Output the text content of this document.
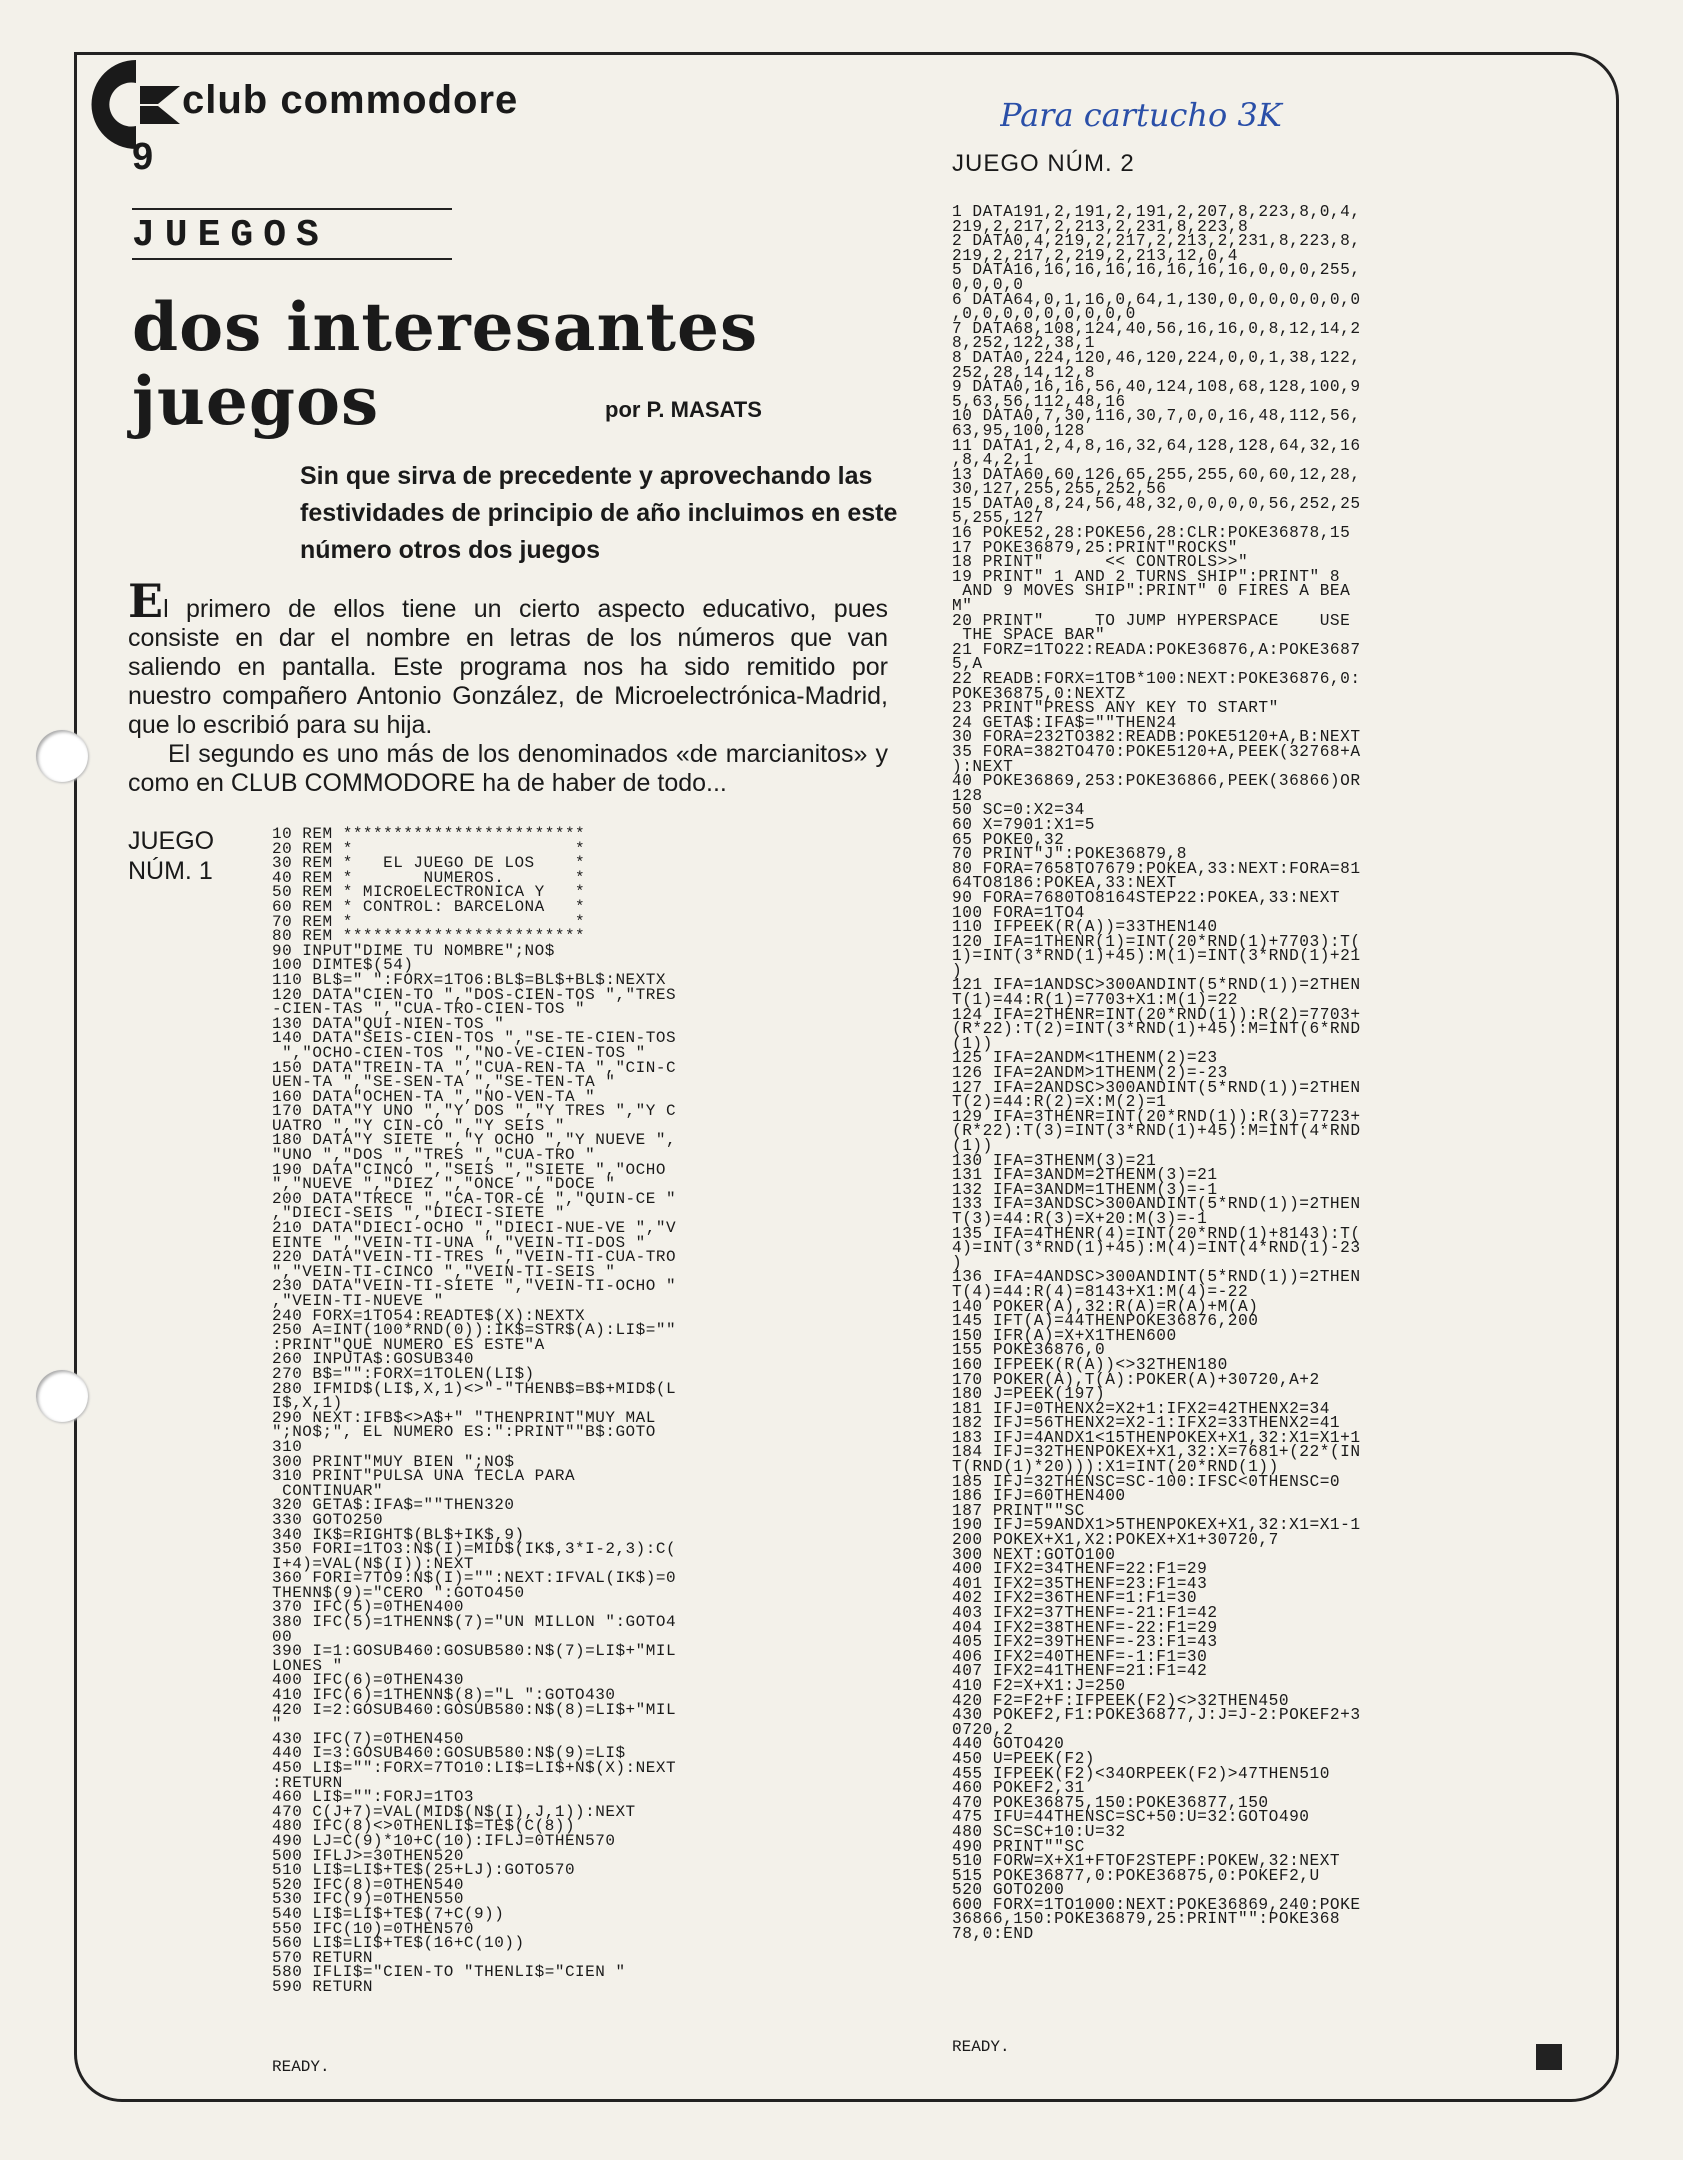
club commodore
9
JUEGOS
dos interesantes
juegos	por P. MASATS
Sin que sirva de precedente y aprovechando las festividades de principio de año incluimos en este número otros dos juegos

El primero de ellos tiene un cierto aspecto educativo, pues consiste en dar el nombre en letras de los números que van saliendo en pantalla. Este programa nos ha sido remitido por nuestro compañero Antonio González, de Microelectrónica-Madrid, que lo escribió para su hija.

El segundo es uno más de los denominados «de marcianitos» y como en CLUB COMMODORE ha de haber de todo...

JUEGO NÚM. 1
10 REM ************************
20 REM *                      *
30 REM *   EL JUEGO DE LOS    *
40 REM *       NUMEROS.       *
50 REM * MICROELECTRONICA Y   *
60 REM * CONTROL: BARCELONA   *
70 REM *                      *
80 REM ************************
90 INPUT"DIME TU NOMBRE";NO$
100 DIMTE$(54)
110 BL$=" ":FORX=1TO6:BL$=BL$+BL$:NEXTX
120 DATA"CIEN-TO ","DOS-CIEN-TOS ","TRES
-CIEN-TAS ","CUA-TRO-CIEN-TOS "
130 DATA"QUI-NIEN-TOS "
140 DATA"SEIS-CIEN-TOS ","SE-TE-CIEN-TOS
","OCHO-CIEN-TOS ","NO-VE-CIEN-TOS "
150 DATA"TREIN-TA ","CUA-REN-TA ","CIN-C
UEN-TA ","SE-SEN-TA ","SE-TEN-TA "
160 DATA"OCHEN-TA ","NO-VEN-TA "
170 DATA"Y UNO ","Y DOS ","Y TRES ","Y C
UATRO ","Y CIN-CO ","Y SEIS "
180 DATA"Y SIETE ","Y OCHO ","Y NUEVE ",
"UNO ","DOS ","TRES ","CUA-TRO "
190 DATA"CINCO ","SEIS ","SIETE ","OCHO
","NUEVE ","DIEZ ","ONCE ","DOCE "
200 DATA"TRECE ","CA-TOR-CE ","QUIN-CE "
,"DIECI-SEIS ","DIECI-SIETE "
210 DATA"DIECI-OCHO ","DIECI-NUE-VE ","V
EINTE ","VEIN-TI-UNA ","VEIN-TI-DOS "
220 DATA"VEIN-TI-TRES ","VEIN-TI-CUA-TRO
","VEIN-TI-CINCO ","VEIN-TI-SEIS "
230 DATA"VEIN-TI-SIETE ","VEIN-TI-OCHO "
,"VEIN-TI-NUEVE "
240 FORX=1TO54:READTE$(X):NEXTX
250 A=INT(100*RND(0)):IK$=STR$(A):LI$=""
:PRINT"QUE NUMERO ES ESTE"A
260 INPUTA$:GOSUB340
270 B$="":FORX=1TOLEN(LI$)
280 IFMID$(LI$,X,1)<>"-"THENB$=B$+MID$(L
I$,X,1)
290 NEXT:IFB$<>A$+" "THENPRINT"MUY MAL
";NO$;", EL NUMERO ES:":PRINT""B$:GOTO
310
300 PRINT"MUY BIEN ";NO$
310 PRINT"PULSA UNA TECLA PARA
CONTINUAR"
320 GETA$:IFA$=""THEN320
330 GOTO250
340 IK$=RIGHT$(BL$+IK$,9)
350 FORI=1TO3:N$(I)=MID$(IK$,3*I-2,3):C(
I+4)=VAL(N$(I)):NEXT
360 FORI=7TO9:N$(I)="":NEXT:IFVAL(IK$)=0
THENN$(9)="CERO ":GOTO450
370 IFC(5)=0THEN400
380 IFC(5)=1THENN$(7)="UN MILLON ":GOTO4
00
390 I=1:GOSUB460:GOSUB580:N$(7)=LI$+"MIL
LONES "
400 IFC(6)=0THEN430
410 IFC(6)=1THENN$(8)="L ":GOTO430
420 I=2:GOSUB460:GOSUB580:N$(8)=LI$+"MIL
"
430 IFC(7)=0THEN450
440 I=3:GOSUB460:GOSUB580:N$(9)=LI$
450 LI$="":FORX=7TO10:LI$=LI$+N$(X):NEXT
:RETURN
460 LI$="":FORJ=1TO3
470 C(J+7)=VAL(MID$(N$(I),J,1)):NEXT
480 IFC(8)<>0THENLI$=TE$(C(8))
490 LJ=C(9)*10+C(10):IFLJ=0THEN570
500 IFLJ>=30THEN520
510 LI$=LI$+TE$(25+LJ):GOTO570
520 IFC(8)=0THEN540
530 IFC(9)=0THEN550
540 LI$=LI$+TE$(7+C(9))
550 IFC(10)=0THEN570
560 LI$=LI$+TE$(16+C(10))
570 RETURN
580 IFLI$="CIEN-TO "THENLI$="CIEN "
590 RETURN
READY.
Para cartucho 3K
JUEGO NÚM. 2
1 DATA191,2,191,2,191,2,207,8,223,8,0,4,
219,2,217,2,213,2,231,8,223,8
2 DATA0,4,219,2,217,2,213,2,231,8,223,8,
219,2,217,2,219,2,213,12,0,4
5 DATA16,16,16,16,16,16,16,16,0,0,0,255,
0,0,0,0
6 DATA64,0,1,16,0,64,1,130,0,0,0,0,0,0,0
,0,0,0,0,0,0,0,0,0
7 DATA68,108,124,40,56,16,16,0,8,12,14,2
8,252,122,38,1
8 DATA0,224,120,46,120,224,0,0,1,38,122,
252,28,14,12,8
9 DATA0,16,16,56,40,124,108,68,128,100,9
5,63,56,112,48,16
10 DATA0,7,30,116,30,7,0,0,16,48,112,56,
63,95,100,128
11 DATA1,2,4,8,16,32,64,128,128,64,32,16
,8,4,2,1
13 DATA60,60,126,65,255,255,60,60,12,28,
30,127,255,255,252,56
15 DATA0,8,24,56,48,32,0,0,0,0,56,252,25
5,255,127
16 POKE52,28:POKE56,28:CLR:POKE36878,15
17 POKE36879,25:PRINT"ROCKS"
18 PRINT"      << CONTROLS>>"
19 PRINT" 1 AND 2 TURNS SHIP":PRINT" 8
AND 9 MOVES SHIP":PRINT" 0 FIRES A BEA
M"
20 PRINT"     TO JUMP HYPERSPACE    USE
THE SPACE BAR"
21 FORZ=1TO22:READA:POKE36876,A:POKE3687
5,A
22 READB:FORX=1TOB*100:NEXT:POKE36876,0:
POKE36875,0:NEXTZ
23 PRINT"PRESS ANY KEY TO START"
24 GETA$:IFA$=""THEN24
30 FORA=232TO382:READB:POKE5120+A,B:NEXT
35 FORA=382TO470:POKE5120+A,PEEK(32768+A
):NEXT
40 POKE36869,253:POKE36866,PEEK(36866)OR
128
50 SC=0:X2=34
60 X=7901:X1=5
65 POKE0,32
70 PRINT"J":POKE36879,8
80 FORA=7658TO7679:POKEA,33:NEXT:FORA=81
64TO8186:POKEA,33:NEXT
90 FORA=7680TO8164STEP22:POKEA,33:NEXT
100 FORA=1TO4
110 IFPEEK(R(A))=33THEN140
120 IFA=1THENR(1)=INT(20*RND(1)+7703):T(
1)=INT(3*RND(1)+45):M(1)=INT(3*RND(1)+21
)
121 IFA=1ANDSC>300ANDINT(5*RND(1))=2THEN
T(1)=44:R(1)=7703+X1:M(1)=22
124 IFA=2THENR=INT(20*RND(1)):R(2)=7703+
(R*22):T(2)=INT(3*RND(1)+45):M=INT(6*RND
(1))
125 IFA=2ANDM<1THENM(2)=23
126 IFA=2ANDM>1THENM(2)=-23
127 IFA=2ANDSC>300ANDINT(5*RND(1))=2THEN
T(2)=44:R(2)=X:M(2)=1
129 IFA=3THENR=INT(20*RND(1)):R(3)=7723+
(R*22):T(3)=INT(3*RND(1)+45):M=INT(4*RND
(1))
130 IFA=3THENM(3)=21
131 IFA=3ANDM=2THENM(3)=21
132 IFA=3ANDM=1THENM(3)=-1
133 IFA=3ANDSC>300ANDINT(5*RND(1))=2THEN
T(3)=44:R(3)=X+20:M(3)=-1
135 IFA=4THENR(4)=INT(20*RND(1)+8143):T(
4)=INT(3*RND(1)+45):M(4)=INT(4*RND(1)-23
)
136 IFA=4ANDSC>300ANDINT(5*RND(1))=2THEN
T(4)=44:R(4)=8143+X1:M(4)=-22
140 POKER(A),32:R(A)=R(A)+M(A)
145 IFT(A)=44THENPOKE36876,200
150 IFR(A)=X+X1THEN600
155 POKE36876,0
160 IFPEEK(R(A))<>32THEN180
170 POKER(A),T(A):POKER(A)+30720,A+2
180 J=PEEK(197)
181 IFJ=0THENX2=X2+1:IFX2=42THENX2=34
182 IFJ=56THENX2=X2-1:IFX2=33THENX2=41
183 IFJ=4ANDX1<15THENPOKEX+X1,32:X1=X1+1
184 IFJ=32THENPOKEX+X1,32:X=7681+(22*(IN
T(RND(1)*20))):X1=INT(20*RND(1))
185 IFJ=32THENSC=SC-100:IFSC<0THENSC=0
186 IFJ=60THEN400
187 PRINT""SC
190 IFJ=59ANDX1>5THENPOKEX+X1,32:X1=X1-1
200 POKEX+X1,X2:POKEX+X1+30720,7
300 NEXT:GOTO100
400 IFX2=34THENF=22:F1=29
401 IFX2=35THENF=23:F1=43
402 IFX2=36THENF=1:F1=30
403 IFX2=37THENF=-21:F1=42
404 IFX2=38THENF=-22:F1=29
405 IFX2=39THENF=-23:F1=43
406 IFX2=40THENF=-1:F1=30
407 IFX2=41THENF=21:F1=42
410 F2=X+X1:J=250
420 F2=F2+F:IFPEEK(F2)<>32THEN450
430 POKEF2,F1:POKE36877,J:J=J-2:POKEF2+3
0720,2
440 GOTO420
450 U=PEEK(F2)
455 IFPEEK(F2)<34ORPEEK(F2)>47THEN510
460 POKEF2,31
470 POKE36875,150:POKE36877,150
475 IFU=44THENSC=SC+50:U=32:GOTO490
480 SC=SC+10:U=32
490 PRINT""SC
510 FORW=X+X1+FTOF2STEPF:POKEW,32:NEXT
515 POKE36877,0:POKE36875,0:POKEF2,U
520 GOTO200
600 FORX=1TO1000:NEXT:POKE36869,240:POKE
36866,150:POKE36879,25:PRINT"":POKE368
78,0:END
READY.
